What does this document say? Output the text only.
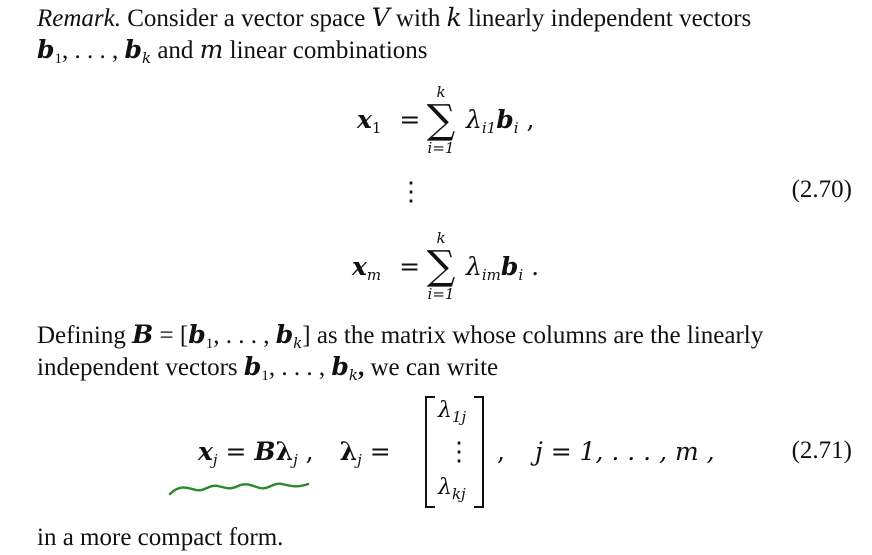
Remark. Consider a vector space V with k linearly independent vectors
$b_1$, . . . , $b_k$ and m linear combinations

$x_1$ =
k
∑
i=1
$\lambda_{i1}b_i$ ,
⋮	(2.70)
$x_m$ =
k
∑
i=1
$\lambda_{im}b_i$ .

Defining $B = [b_1$, . . . , $b_k$] as the matrix whose columns are the linearly
independent vectors $b_1$, . . . , $b_k$, we can write

$x_j = B\lambda_j$ , $\lambda_j$ =
$\lambda_{1j}$
⋮
$\lambda_{kj}$
, j = 1, . . . , m ,	(2.71)

in a more compact form.
